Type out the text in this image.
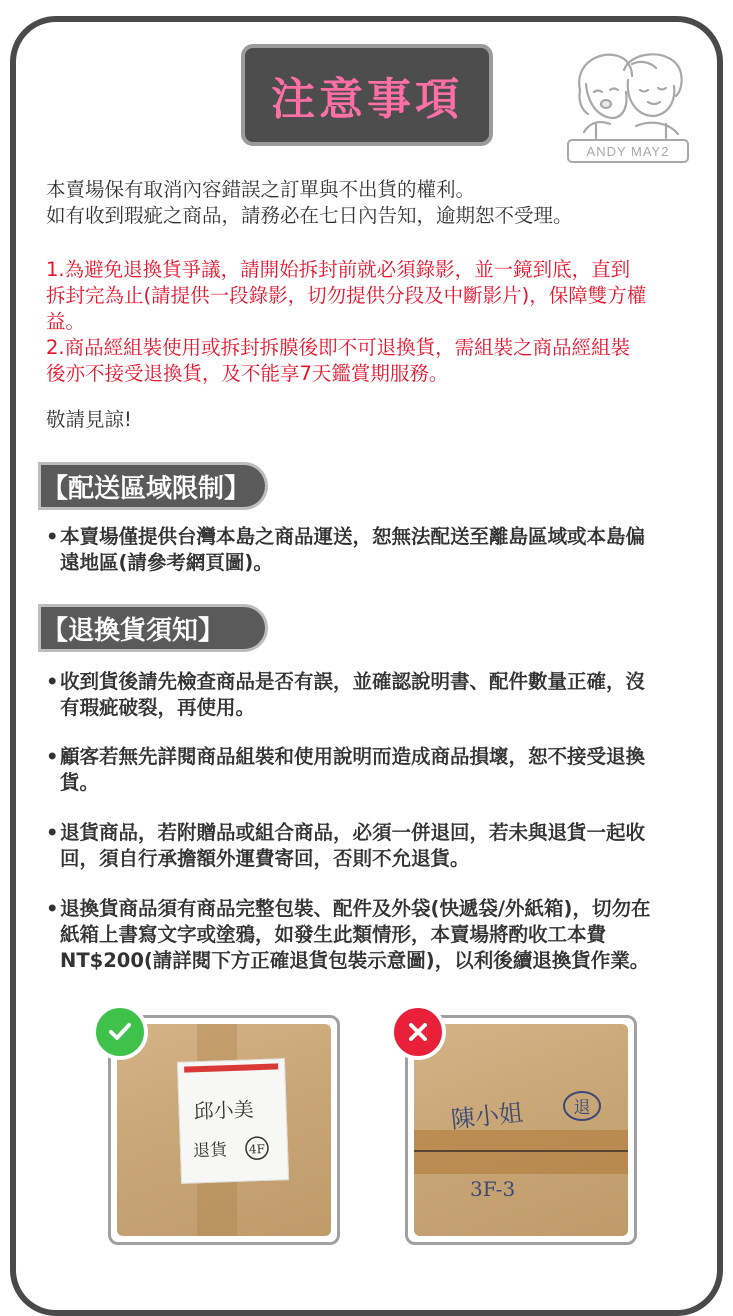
注意事項
ANDY MAY2
本賣場保有取消內容錯誤之訂單與不出貨的權利。
如有收到瑕疵之商品，請務必在七日內告知，逾期恕不受理。
1.為避免退換貨爭議，請開始拆封前就必須錄影，並一鏡到底，直到
拆封完為止(請提供一段錄影，切勿提供分段及中斷影片)，保障雙方權
益。
2.商品經組裝使用或拆封拆膜後即不可退換貨，需組裝之商品經組裝
後亦不接受退換貨，及不能享7天鑑賞期服務。
敬請見諒!
【配送區域限制】
• 本賣場僅提供台灣本島之商品運送，恕無法配送至離島區域或本島偏
遠地區(請參考網頁圖)。
【退換貨須知】
• 收到貨後請先檢查商品是否有誤，並確認說明書、配件數量正確，沒
有瑕疵破裂，再使用。
• 顧客若無先詳閱商品組裝和使用說明而造成商品損壞，恕不接受退換
貨。
• 退貨商品，若附贈品或組合商品，必須一併退回，若未與退貨一起收
回，須自行承擔額外運費寄回，否則不允退貨。
• 退換貨商品須有商品完整包裝、配件及外袋(快遞袋/外紙箱)，切勿在
紙箱上書寫文字或塗鴉，如發生此類情形，本賣場將酌收工本費
NT$200(請詳閱下方正確退貨包裝示意圖)，以利後續退換貨作業。
邱小美
退貨 4F
陳小姐	退
3F-3
